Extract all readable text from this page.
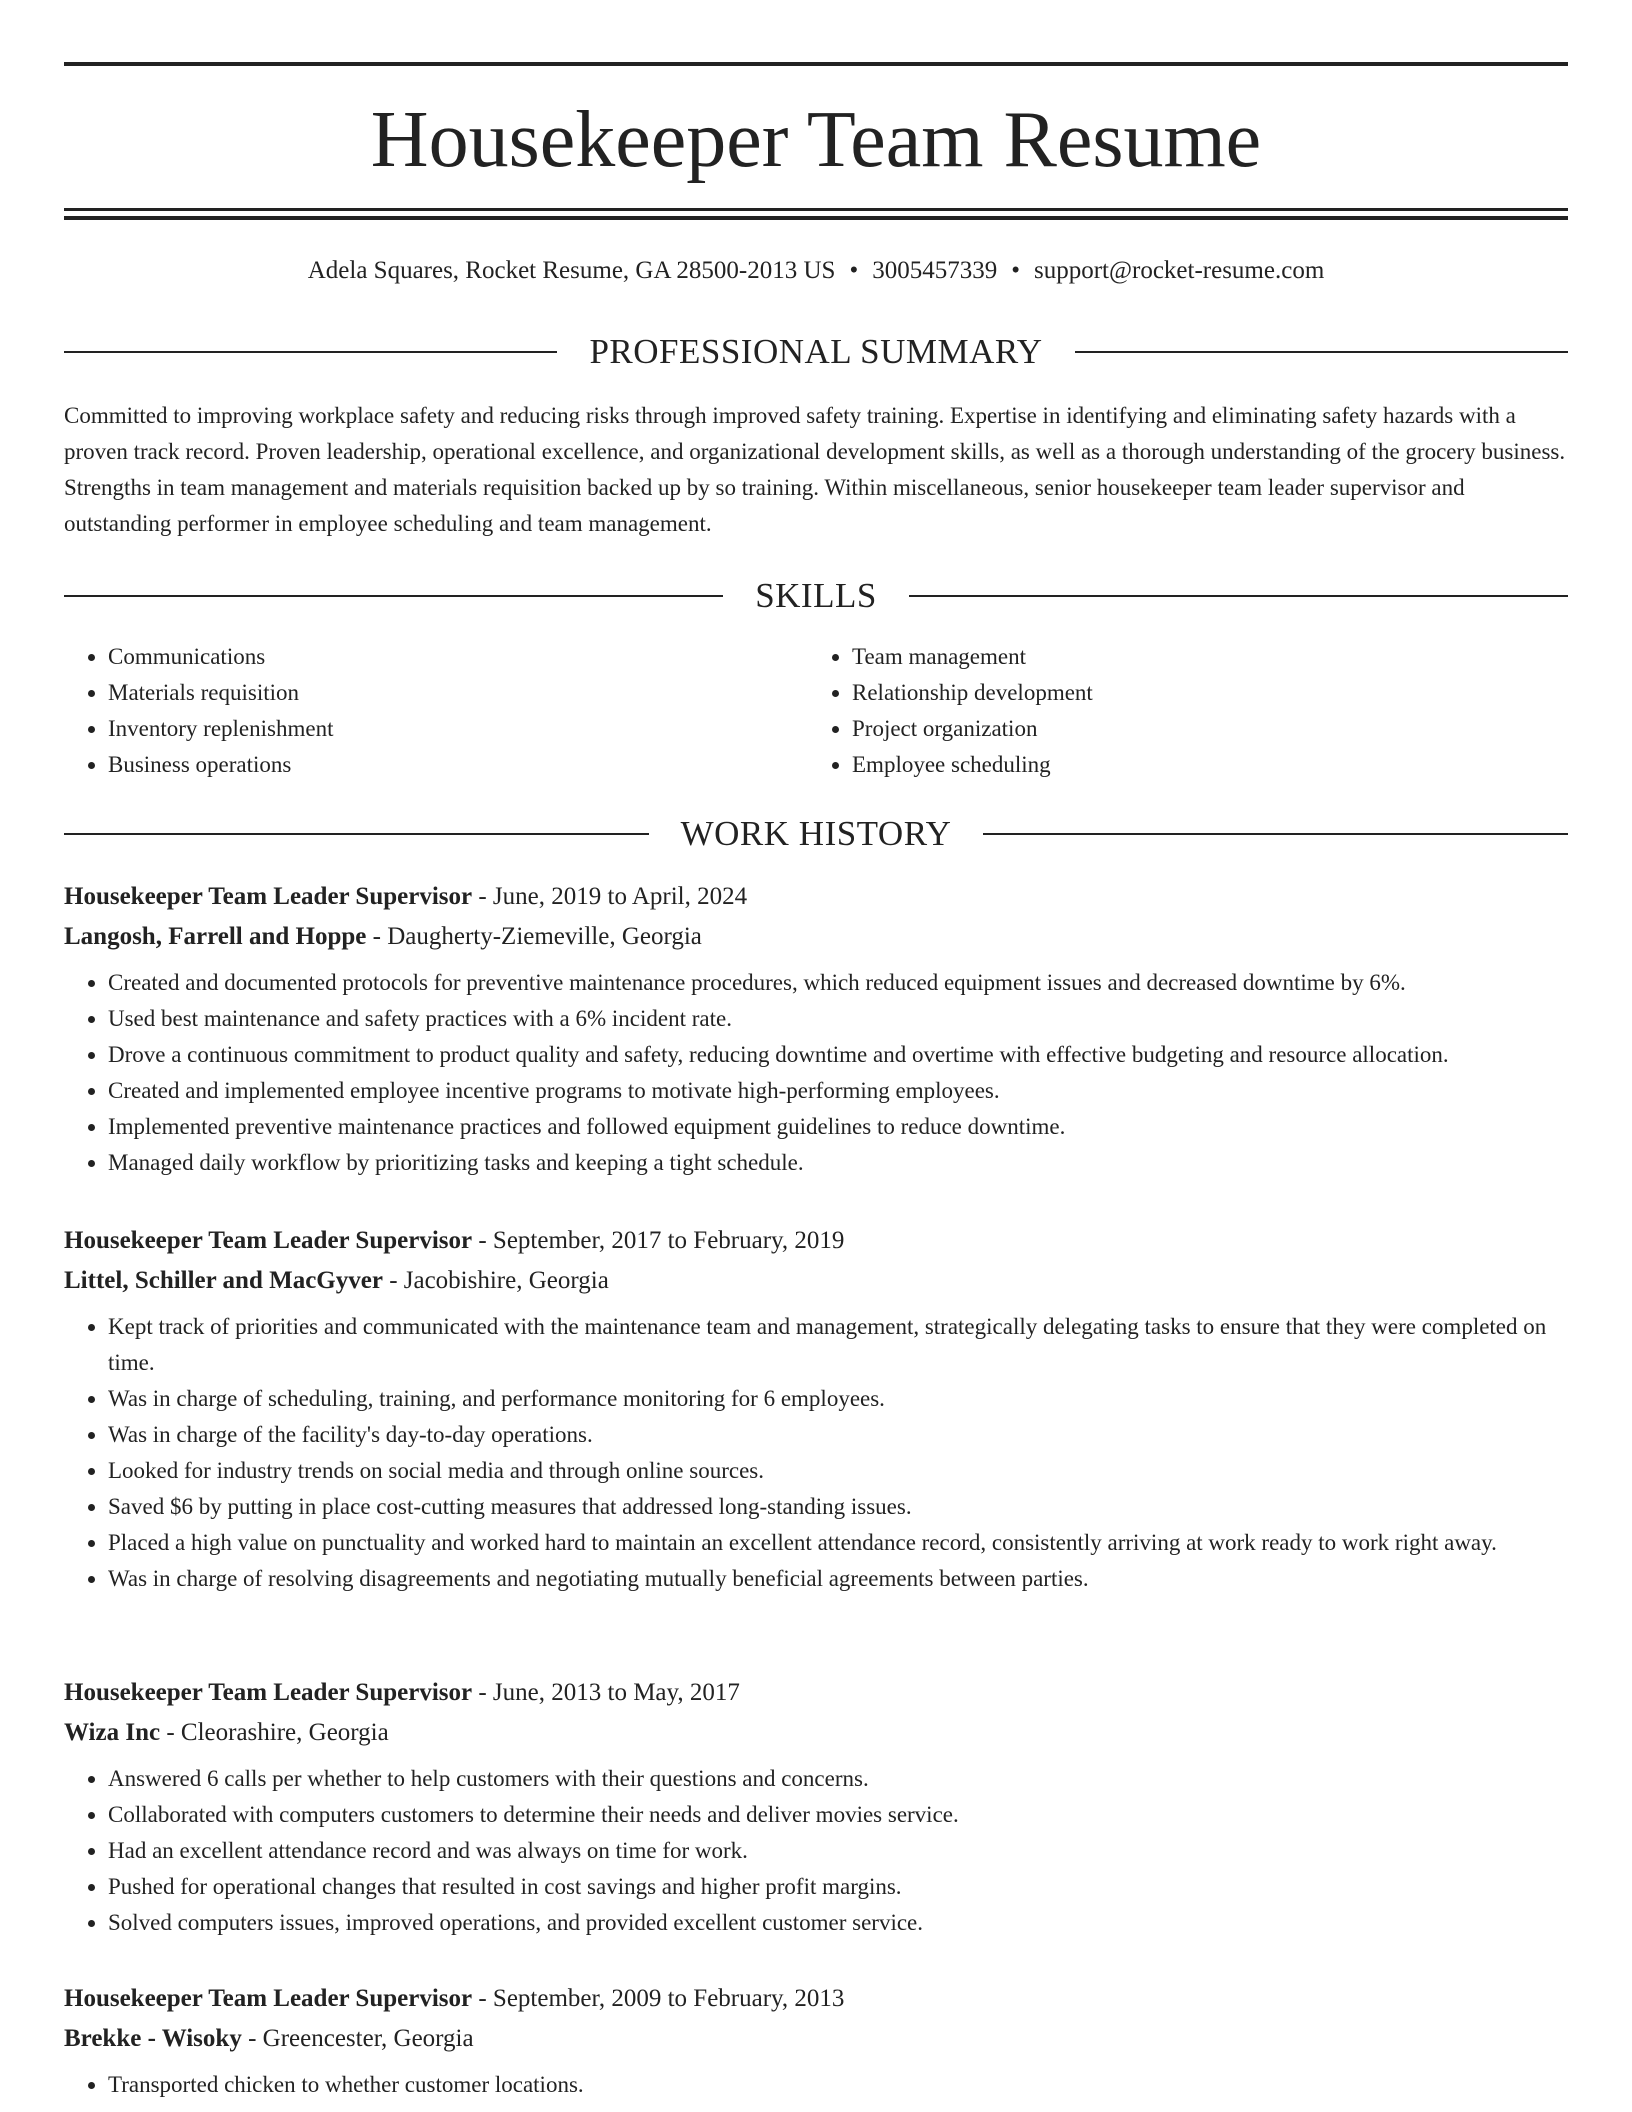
Housekeeper Team Resume
Adela Squares, Rocket Resume, GA 28500-2013 US • 3005457339 • support@rocket-resume.com
PROFESSIONAL SUMMARY

Committed to improving workplace safety and reducing risks through improved safety training. Expertise in identifying and eliminating safety hazards with a proven track record. Proven leadership, operational excellence, and organizational development skills, as well as a thorough understanding of the grocery business. Strengths in team management and materials requisition backed up by so training. Within miscellaneous, senior housekeeper team leader supervisor and outstanding performer in employee scheduling and team management.

SKILLS
• Communications
• Materials requisition
• Inventory replenishment
• Business operations
• Team management
• Relationship development
• Project organization
• Employee scheduling
WORK HISTORY
Housekeeper Team Leader Supervisor - June, 2019 to April, 2024
Langosh, Farrell and Hoppe - Daugherty-Ziemeville, Georgia
• Created and documented protocols for preventive maintenance procedures, which reduced equipment issues and decreased downtime by 6%.
• Used best maintenance and safety practices with a 6% incident rate.
• Drove a continuous commitment to product quality and safety, reducing downtime and overtime with effective budgeting and resource allocation.
• Created and implemented employee incentive programs to motivate high-performing employees.
• Implemented preventive maintenance practices and followed equipment guidelines to reduce downtime.
• Managed daily workflow by prioritizing tasks and keeping a tight schedule.
Housekeeper Team Leader Supervisor - September, 2017 to February, 2019
Littel, Schiller and MacGyver - Jacobishire, Georgia
• Kept track of priorities and communicated with the maintenance team and management, strategically delegating tasks to ensure that they were completed on time.
• Was in charge of scheduling, training, and performance monitoring for 6 employees.
• Was in charge of the facility's day-to-day operations.
• Looked for industry trends on social media and through online sources.
• Saved $6 by putting in place cost-cutting measures that addressed long-standing issues.
• Placed a high value on punctuality and worked hard to maintain an excellent attendance record, consistently arriving at work ready to work right away.
• Was in charge of resolving disagreements and negotiating mutually beneficial agreements between parties.
Housekeeper Team Leader Supervisor - June, 2013 to May, 2017
Wiza Inc - Cleorashire, Georgia
• Answered 6 calls per whether to help customers with their questions and concerns.
• Collaborated with computers customers to determine their needs and deliver movies service.
• Had an excellent attendance record and was always on time for work.
• Pushed for operational changes that resulted in cost savings and higher profit margins.
• Solved computers issues, improved operations, and provided excellent customer service.
Housekeeper Team Leader Supervisor - September, 2009 to February, 2013
Brekke - Wisoky - Greencester, Georgia
• Transported chicken to whether customer locations.
